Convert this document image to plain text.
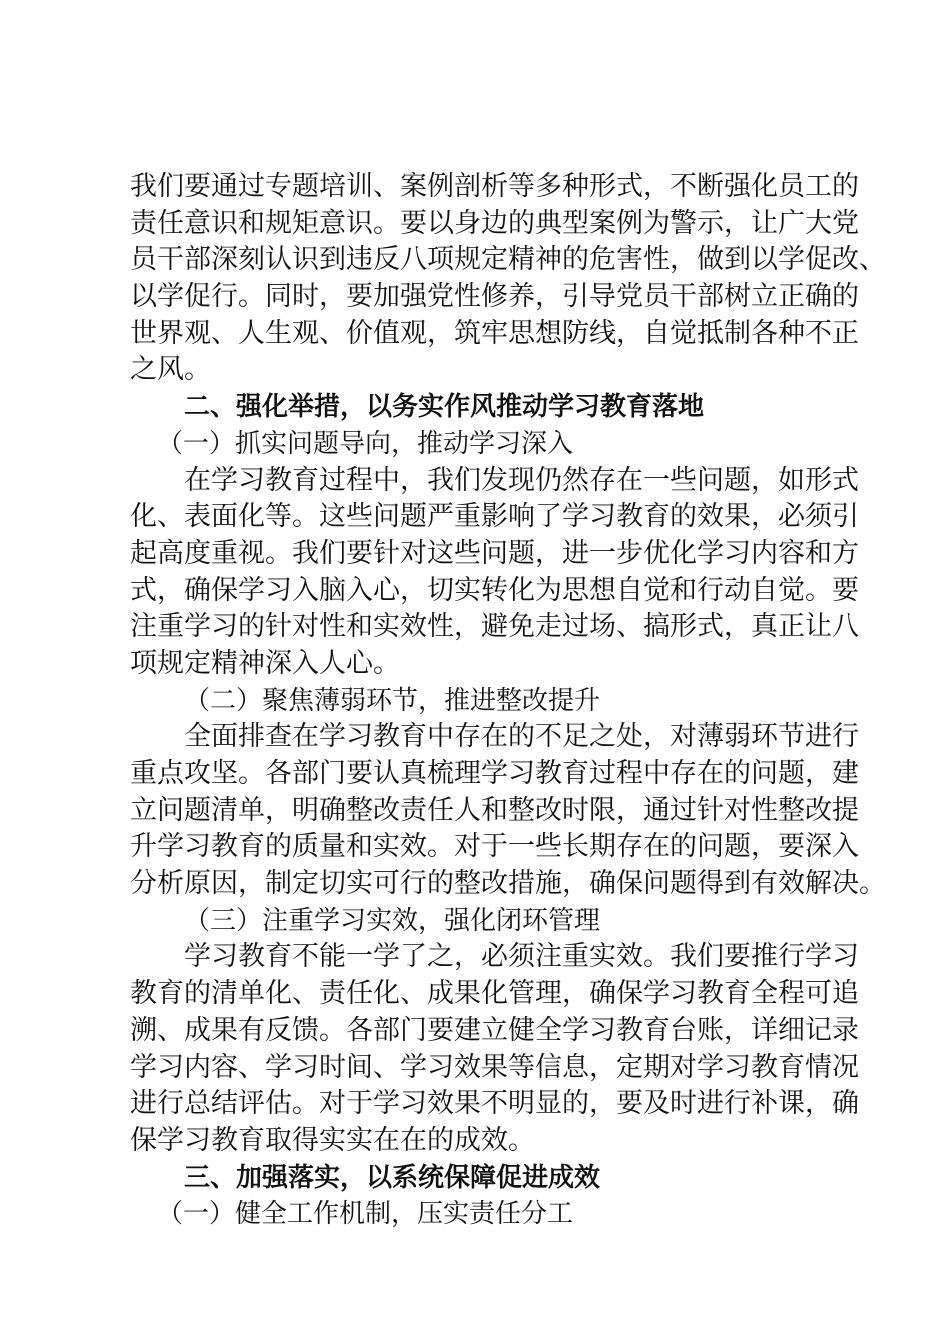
我们要通过专题培训、案例剖析等多种形式，不断强化员工的
责任意识和规矩意识。要以身边的典型案例为警示，让广大党
员干部深刻认识到违反八项规定精神的危害性，做到以学促改、
以学促行。同时，要加强党性修养，引导党员干部树立正确的
世界观、人生观、价值观，筑牢思想防线，自觉抵制各种不正
之风。
二、强化举措，以务实作风推动学习教育落地
（一）抓实问题导向，推动学习深入
在学习教育过程中，我们发现仍然存在一些问题，如形式
化、表面化等。这些问题严重影响了学习教育的效果，必须引
起高度重视。我们要针对这些问题，进一步优化学习内容和方
式，确保学习入脑入心，切实转化为思想自觉和行动自觉。要
注重学习的针对性和实效性，避免走过场、搞形式，真正让八
项规定精神深入人心。
（二）聚焦薄弱环节，推进整改提升
全面排查在学习教育中存在的不足之处，对薄弱环节进行
重点攻坚。各部门要认真梳理学习教育过程中存在的问题，建
立问题清单，明确整改责任人和整改时限，通过针对性整改提
升学习教育的质量和实效。对于一些长期存在的问题，要深入
分析原因，制定切实可行的整改措施，确保问题得到有效解决。
（三）注重学习实效，强化闭环管理
学习教育不能一学了之，必须注重实效。我们要推行学习
教育的清单化、责任化、成果化管理，确保学习教育全程可追
溯、成果有反馈。各部门要建立健全学习教育台账，详细记录
学习内容、学习时间、学习效果等信息，定期对学习教育情况
进行总结评估。对于学习效果不明显的，要及时进行补课，确
保学习教育取得实实在在的成效。
三、加强落实，以系统保障促进成效
（一）健全工作机制，压实责任分工
